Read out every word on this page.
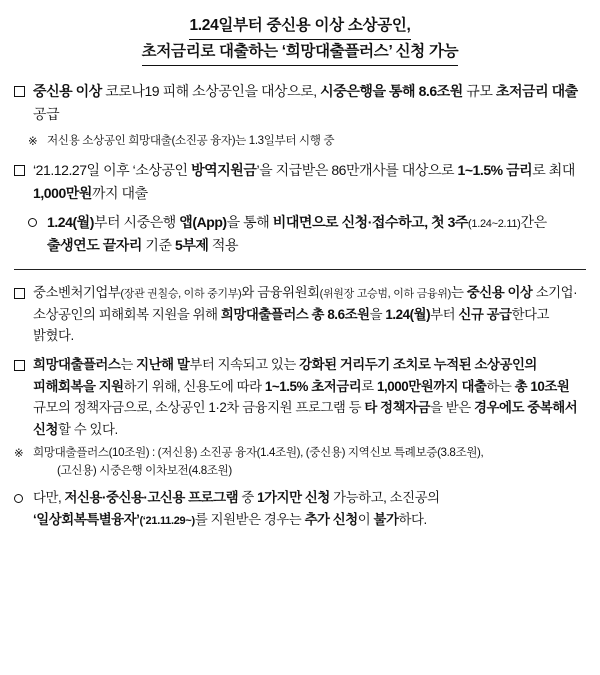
1.24일부터 중신용 이상 소상공인,
초저금리로 대출하는 ‘희망대출플러스’ 신청 가능
중신용 이상 코로나19 피해 소상공인을 대상으로, 시중은행을 통해 8.6조원 규모 초저금리 대출 공급
※ 저신용 소상공인 희망대출(소진공 융자)는 1.3일부터 시행 중
‘21.12.27일 이후 ‘소상공인 방역지원금’을 지급받은 86만개사를 대상으로 1~1.5% 금리로 최대 1,000만원까지 대출
1.24(월)부터 시중은행 앱(App)을 통해 비대면으로 신청·접수하고, 첫 3주(1.24~2.11)간은 출생연도 끝자리 기준 5부제 적용
중소벤처기업부(장관 권칠승, 이하 중기부)와 금융위원회(위원장 고승범, 이하 금융위)는 중신용 이상 소기업·소상공인의 피해회복 지원을 위해 희망대출플러스 총 8.6조원을 1.24(월)부터 신규 공급한다고 밝혔다.
희망대출플러스는 지난해 말부터 지속되고 있는 강화된 거리두기 조치로 누적된 소상공인의 피해회복을 지원하기 위해, 신용도에 따라 1~1.5% 초저금리로 1,000만원까지 대출하는 총 10조원 규모의 정책자금으로, 소상공인 1·2차 금융지원 프로그램 등 타 정책자금을 받은 경우에도 중복해서 신청할 수 있다.
※ 희망대출플러스(10조원) : (저신용) 소진공 융자(1.4조원), (중신용) 지역신보 특례보증(3.8조원),
(고신용) 시중은행 이차보전(4.8조원)
다만, 저신용·중신용·고신용 프로그램 중 1가지만 신청 가능하고, 소진공의 ‘일상회복특별융자’(‘21.11.29~)를 지원받은 경우는 추가 신청이 불가하다.
